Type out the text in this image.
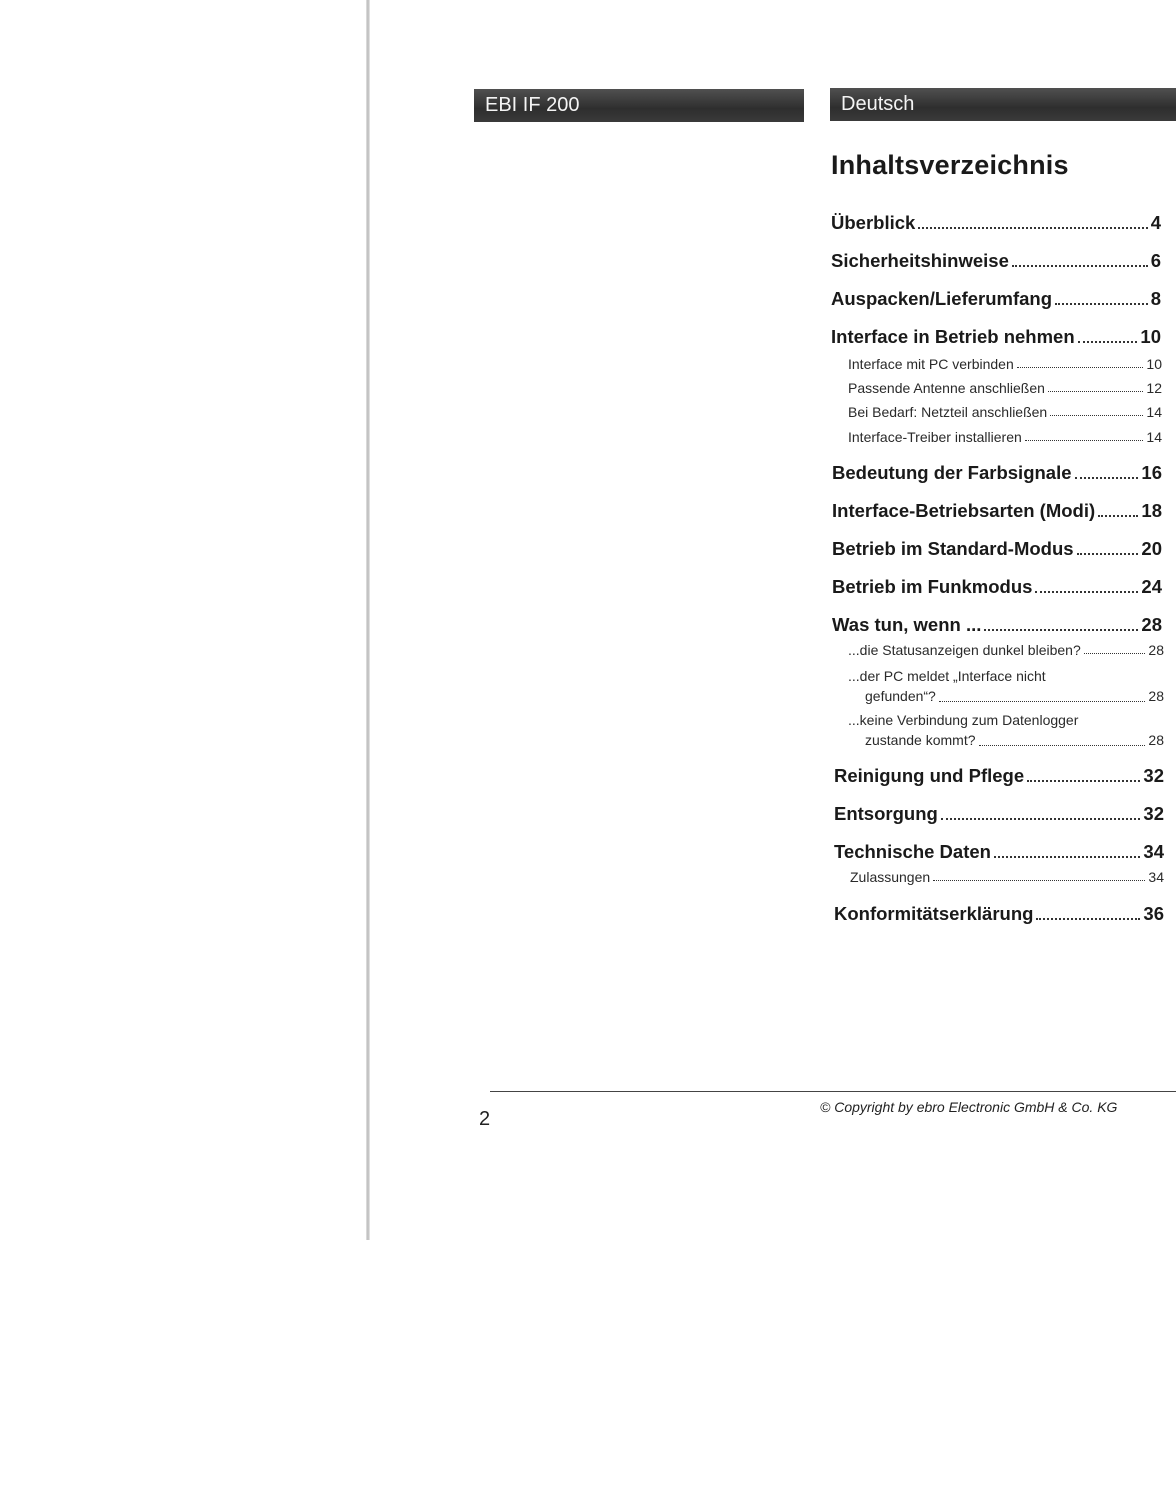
EBI IF 200	Deutsch
Inhaltsverzeichnis
Überblick	4
Sicherheitshinweise	6
Auspacken/Lieferumfang	8
Interface in Betrieb nehmen	10
Interface mit PC verbinden	10
Passende Antenne anschließen	12
Bei Bedarf: Netzteil anschließen	14
Interface-Treiber installieren	14
Bedeutung der Farbsignale	16
Interface-Betriebsarten (Modi)	18
Betrieb im Standard-Modus	20
Betrieb im Funkmodus	24
Was tun, wenn ...	28
...die Statusanzeigen dunkel bleiben?	28
...der PC meldet „Interface nicht
gefunden“?	28
...keine Verbindung zum Datenlogger
zustande kommt?	28
Reinigung und Pflege	32
Entsorgung	32
Technische Daten	34
Zulassungen	34
Konformitätserklärung	36
© Copyright by ebro Electronic GmbH & Co. KG
2
